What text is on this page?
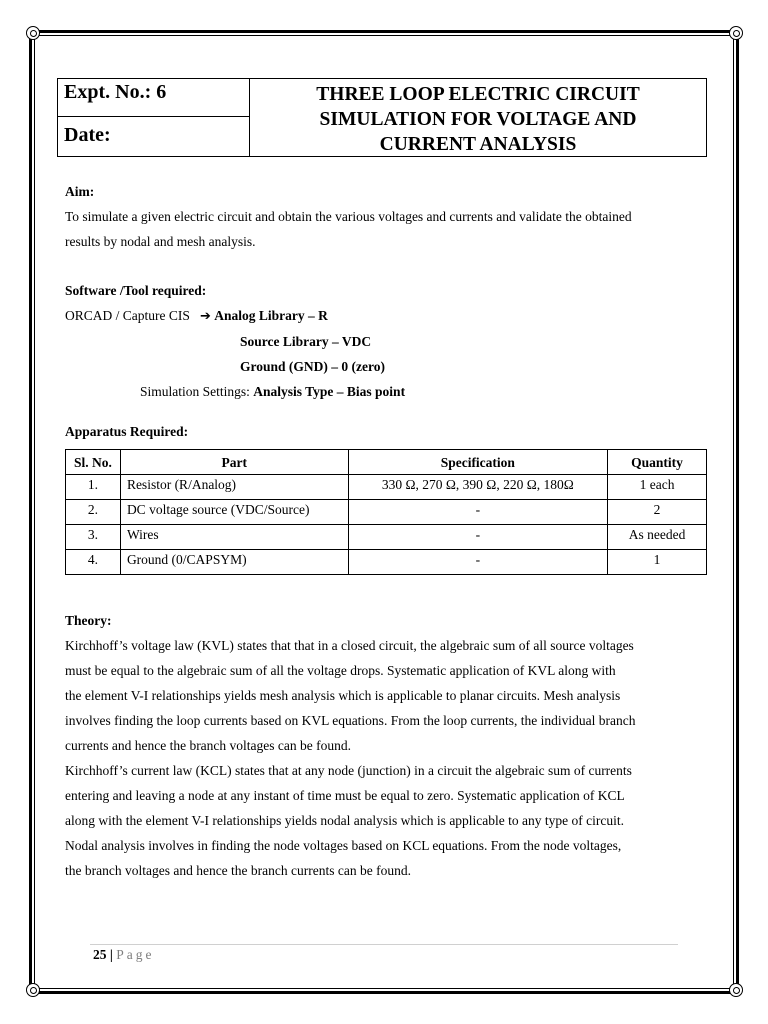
Expt. No.: 6
Date:
THREE LOOP ELECTRIC CIRCUIT
SIMULATION FOR VOLTAGE AND
CURRENT ANALYSIS

Aim:

To simulate a given electric circuit and obtain the various voltages and currents and validate the obtained

results by nodal and mesh analysis.

Software /Tool required:

ORCAD / Capture CIS ➔ Analog Library – R

Source Library – VDC

Ground (GND) – 0 (zero)

Simulation Settings: Analysis Type – Bias point

Apparatus Required:

Sl. No.	Part	Specification	Quantity
1.	Resistor (R/Analog)	330 Ω, 270 Ω, 390 Ω, 220 Ω, 180Ω	1 each
2.	DC voltage source (VDC/Source)	-	2
3.	Wires	-	As needed
4.	Ground (0/CAPSYM)	-	1

Theory:

Kirchhoff’s voltage law (KVL) states that that in a closed circuit, the algebraic sum of all source voltages

must be equal to the algebraic sum of all the voltage drops. Systematic application of KVL along with

the element V-I relationships yields mesh analysis which is applicable to planar circuits. Mesh analysis

involves finding the loop currents based on KVL equations. From the loop currents, the individual branch

currents and hence the branch voltages can be found.

Kirchhoff’s current law (KCL) states that at any node (junction) in a circuit the algebraic sum of currents

entering and leaving a node at any instant of time must be equal to zero. Systematic application of KCL

along with the element V-I relationships yields nodal analysis which is applicable to any type of circuit.

Nodal analysis involves in finding the node voltages based on KCL equations. From the node voltages,

the branch voltages and hence the branch currents can be found.

25 | Page
